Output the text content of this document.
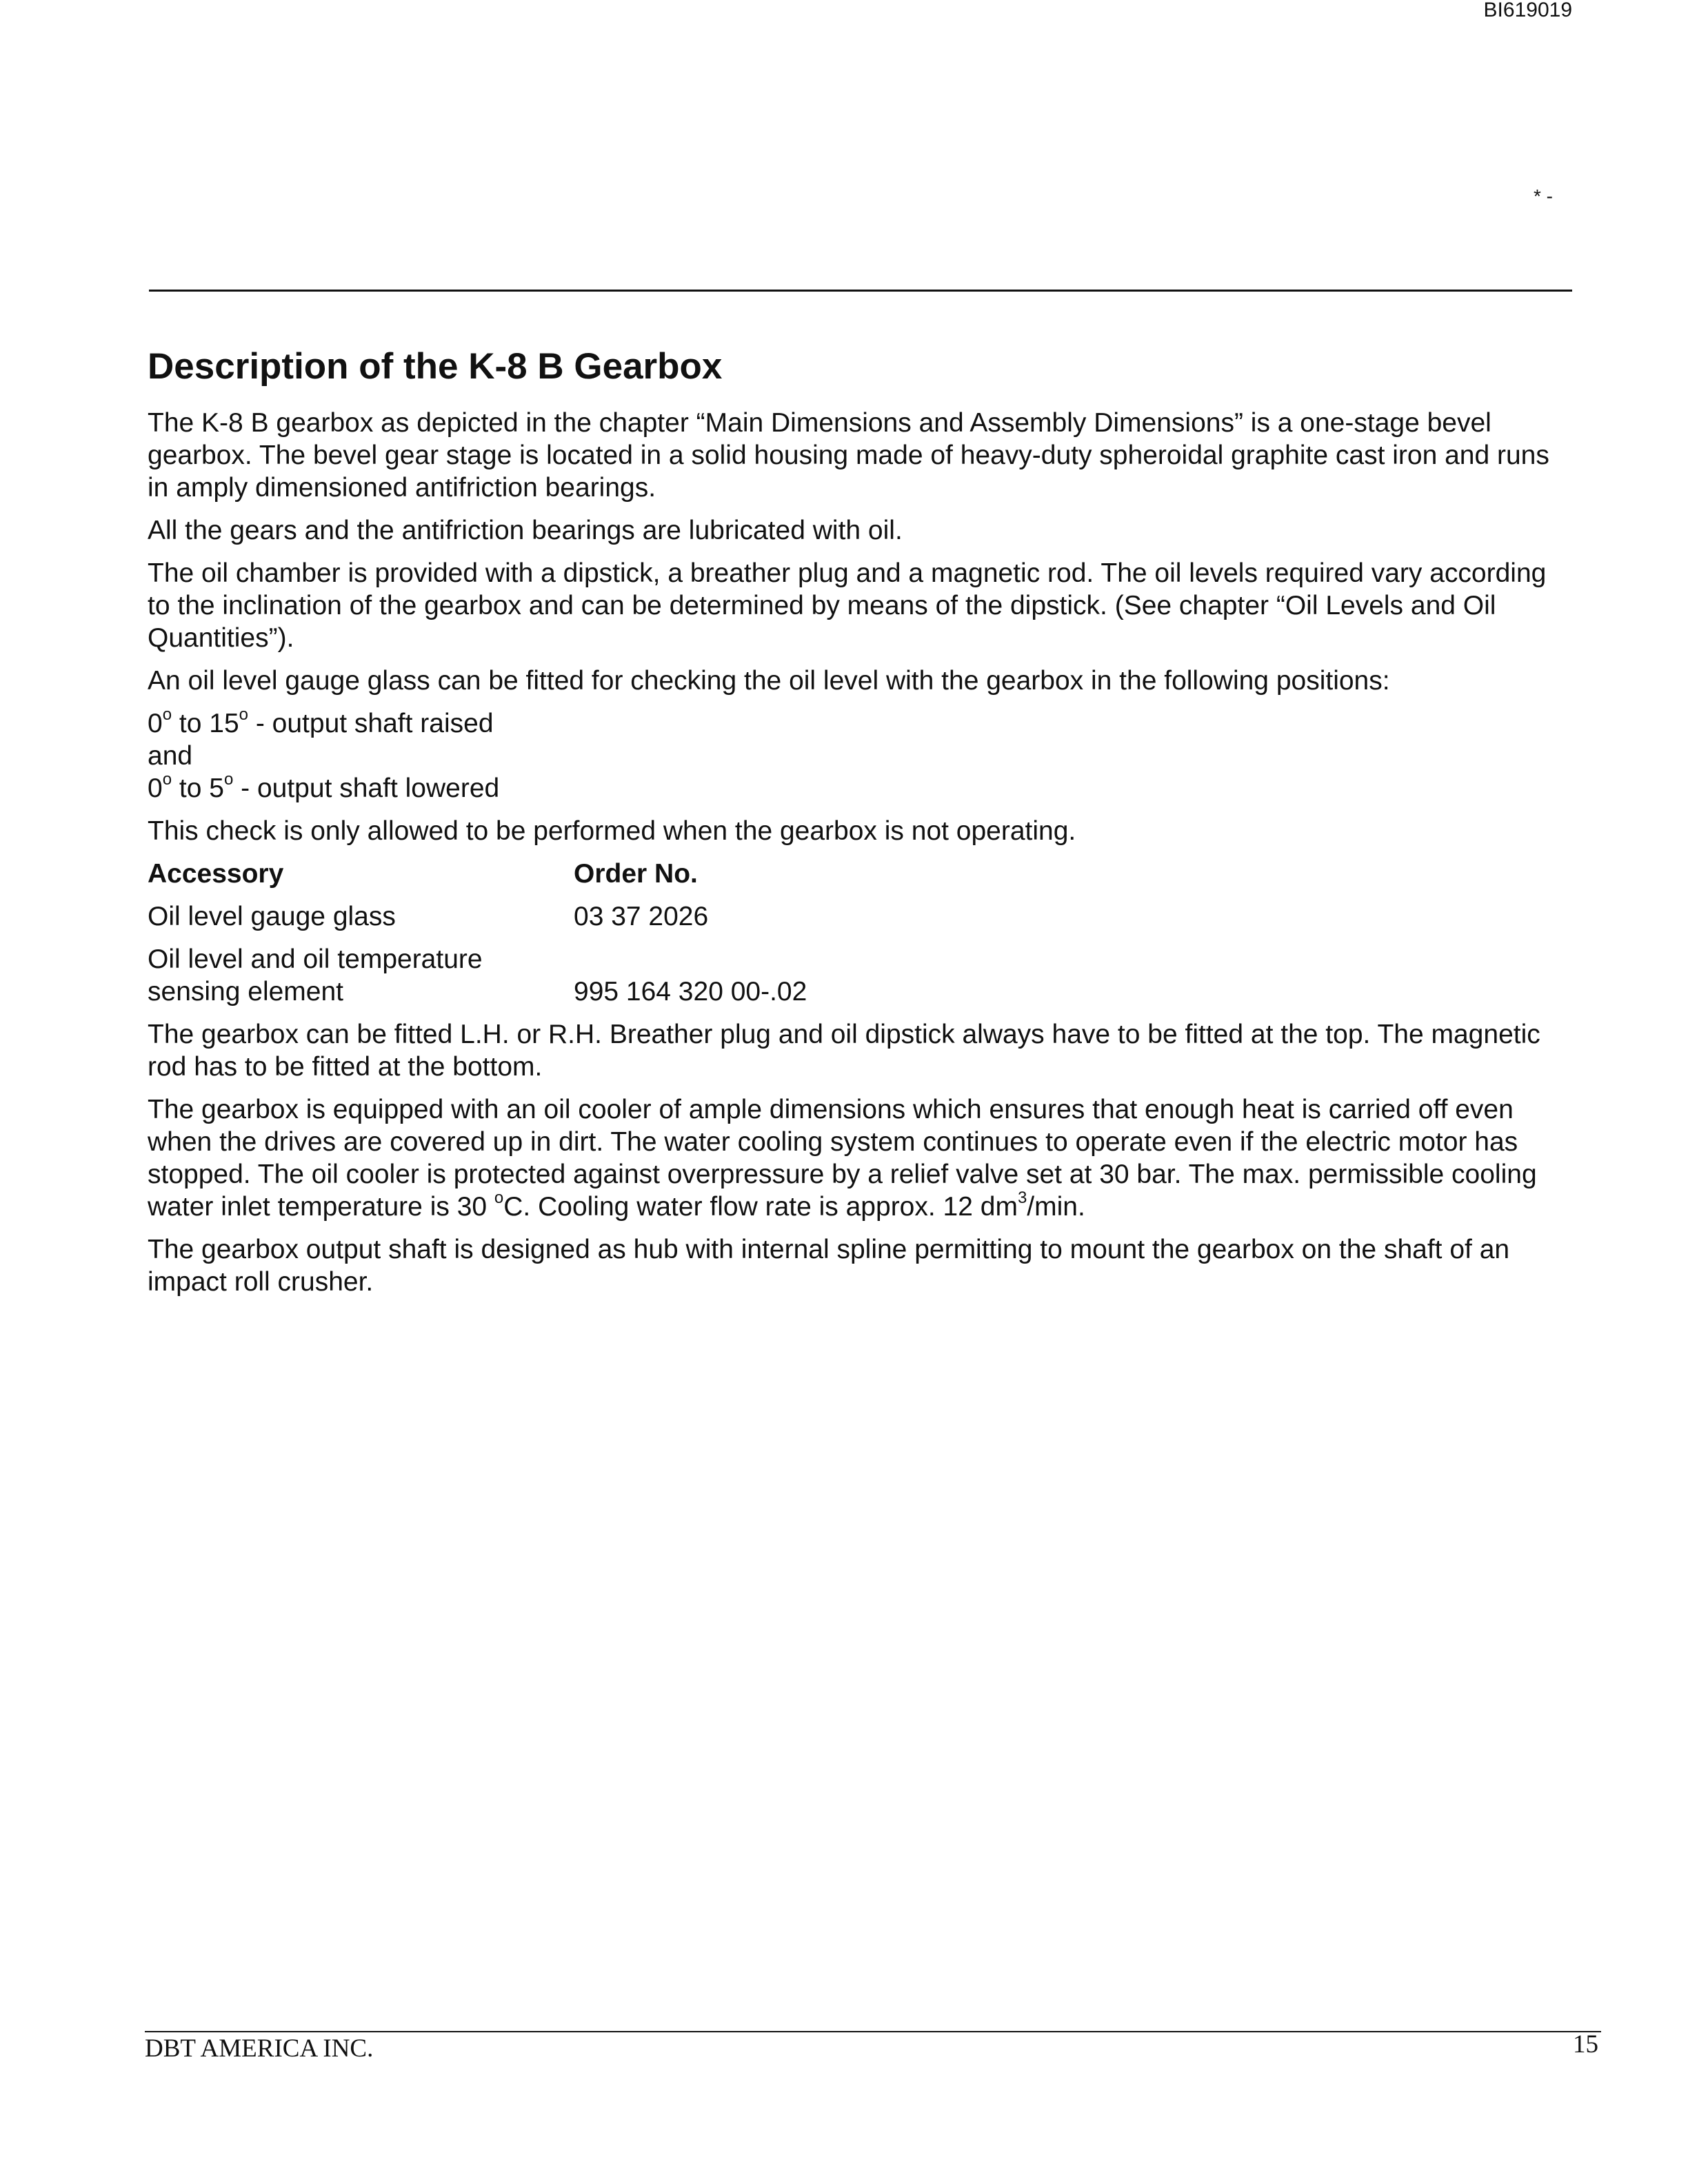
BI619019
* -
Description of the K-8 B Gearbox

The K-8 B gearbox as depicted in the chapter “Main Dimensions and Assembly Dimensions” is a one-stage bevel gearbox. The bevel gear stage is located in a solid housing made of heavy-duty spheroidal graphite cast iron and runs in amply dimensioned antifriction bearings.

All the gears and the antifriction bearings are lubricated with oil.

The oil chamber is provided with a dipstick, a breather plug and a magnetic rod. The oil levels required vary according to the inclination of the gearbox and can be determined by means of the dipstick. (See chapter “Oil Levels and Oil Quantities”).

An oil level gauge glass can be fitted for checking the oil level with the gearbox in the following positions:

0$^o$ to 15$^o$ - output shaft raised
and
0$^o$ to 5$^o$ - output shaft lowered

This check is only allowed to be performed when the gearbox is not operating.

Accessory	Order No.
Oil level gauge glass	03 37 2026
Oil level and oil temperature
sensing element	995 164 320 00-.02

The gearbox can be fitted L.H. or R.H. Breather plug and oil dipstick always have to be fitted at the top. The magnetic rod has to be fitted at the bottom.

The gearbox is equipped with an oil cooler of ample dimensions which ensures that enough heat is carried off even when the drives are covered up in dirt. The water cooling system continues to operate even if the electric motor has stopped. The oil cooler is protected against overpressure by a relief valve set at 30 bar. The max. permissible cooling water inlet temperature is 30 $^o$C. Cooling water flow rate is approx. 12 $dm^3/\min$.

The gearbox output shaft is designed as hub with internal spline permitting to mount the gearbox on the shaft of an impact roll crusher.

DBT AMERICA INC.	15
